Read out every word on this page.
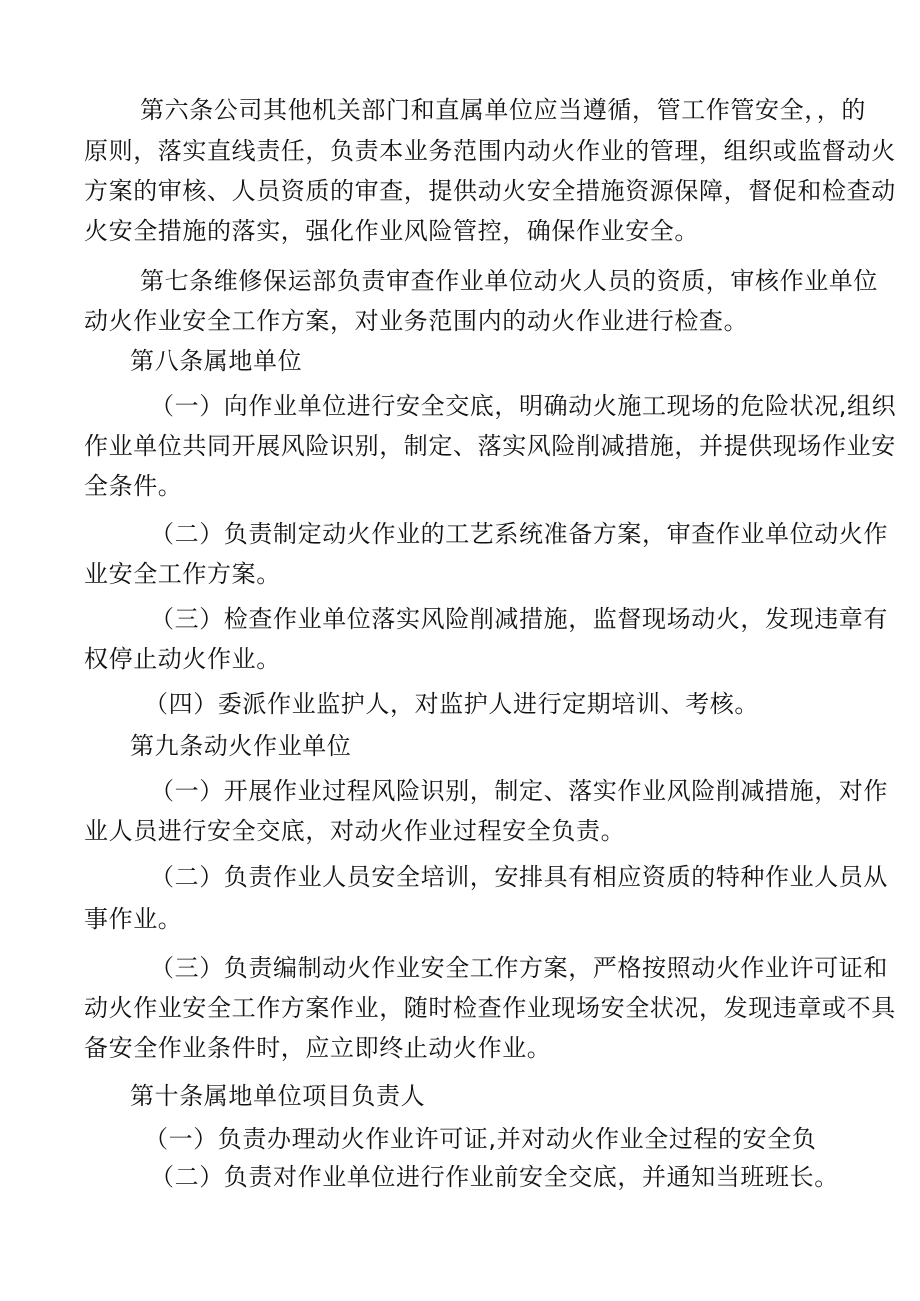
第六条公司其他机关部门和直属单位应当遵循，管工作管安全，，的
原则，落实直线责任，负责本业务范围内动火作业的管理，组织或监督动火
方案的审核、人员资质的审查，提供动火安全措施资源保障，督促和检查动
火安全措施的落实，强化作业风险管控，确保作业安全。
第七条维修保运部负责审查作业单位动火人员的资质，审核作业单位
动火作业安全工作方案，对业务范围内的动火作业进行检查。
第八条属地单位
（一）向作业单位进行安全交底，明确动火施工现场的危险状况,组织
作业单位共同开展风险识别，制定、落实风险削减措施，并提供现场作业安
全条件。
（二）负责制定动火作业的工艺系统准备方案，审查作业单位动火作
业安全工作方案。
（三）检查作业单位落实风险削减措施，监督现场动火，发现违章有
权停止动火作业。
（四）委派作业监护人，对监护人进行定期培训、考核。
第九条动火作业单位
（一）开展作业过程风险识别，制定、落实作业风险削减措施，对作
业人员进行安全交底，对动火作业过程安全负责。
（二）负责作业人员安全培训，安排具有相应资质的特种作业人员从
事作业。
（三）负责编制动火作业安全工作方案，严格按照动火作业许可证和
动火作业安全工作方案作业，随时检查作业现场安全状况，发现违章或不具
备安全作业条件时，应立即终止动火作业。
第十条属地单位项目负责人
（一）负责办理动火作业许可证,并对动火作业全过程的安全负
（二）负责对作业单位进行作业前安全交底，并通知当班班长。
